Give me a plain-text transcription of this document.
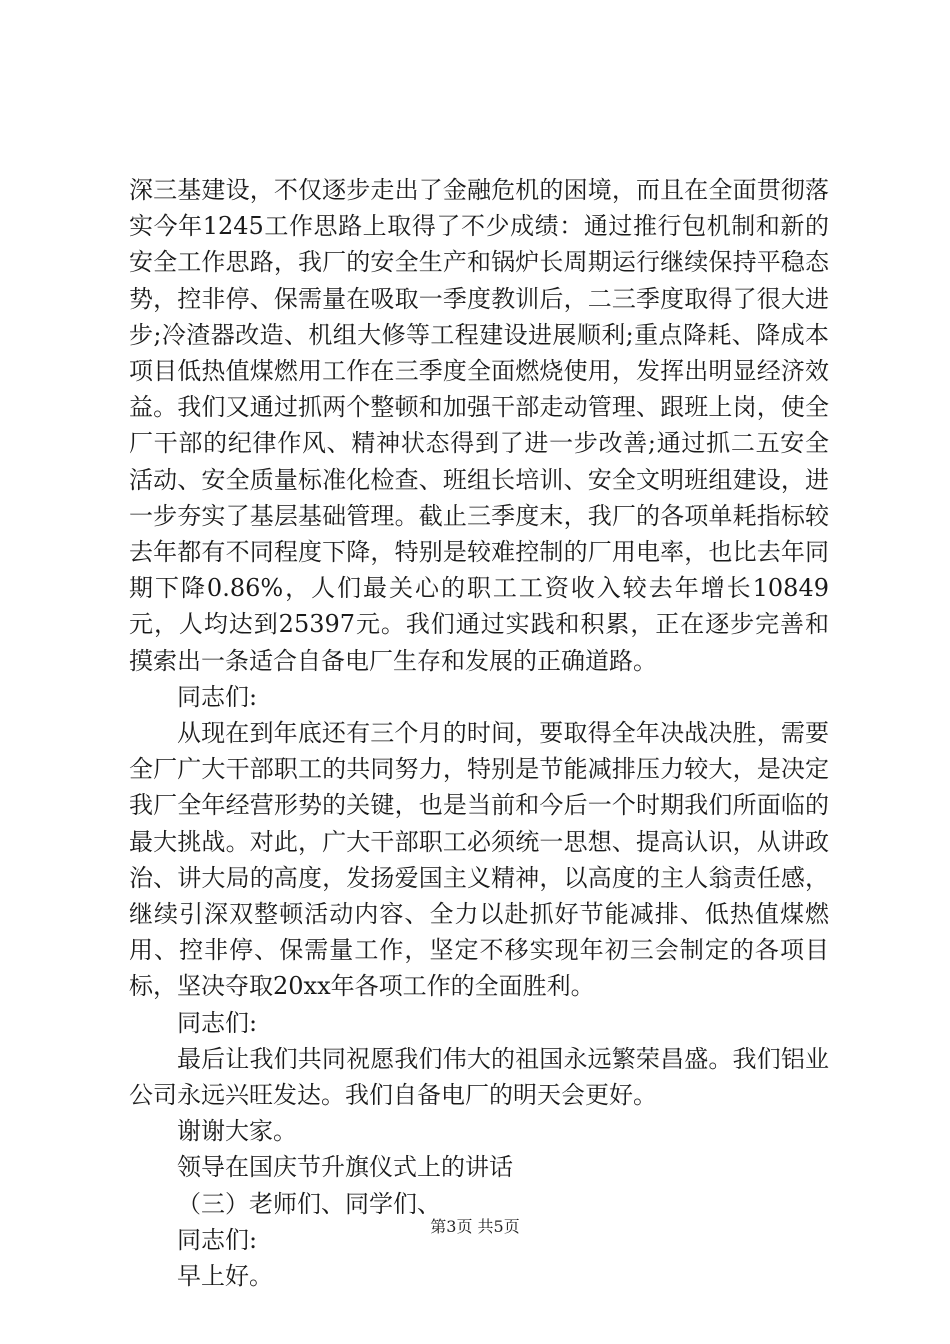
深三基建设，不仅逐步走出了金融危机的困境，而且在全面贯彻落实今年1245工作思路上取得了不少成绩：通过推行包机制和新的安全工作思路，我厂的安全生产和锅炉长周期运行继续保持平稳态势，控非停、保需量在吸取一季度教训后，二三季度取得了很大进步;冷渣器改造、机组大修等工程建设进展顺利;重点降耗、降成本项目低热值煤燃用工作在三季度全面燃烧使用，发挥出明显经济效益。我们又通过抓两个整顿和加强干部走动管理、跟班上岗，使全厂干部的纪律作风、精神状态得到了进一步改善;通过抓二五安全活动、安全质量标准化检查、班组长培训、安全文明班组建设，进一步夯实了基层基础管理。截止三季度末，我厂的各项单耗指标较去年都有不同程度下降，特别是较难控制的厂用电率，也比去年同期下降0.86%，人们最关心的职工工资收入较去年增长10849元，人均达到25397元。我们通过实践和积累，正在逐步完善和摸索出一条适合自备电厂生存和发展的正确道路。

同志们:

从现在到年底还有三个月的时间，要取得全年决战决胜，需要全厂广大干部职工的共同努力，特别是节能减排压力较大，是决定我厂全年经营形势的关键，也是当前和今后一个时期我们所面临的最大挑战。对此，广大干部职工必须统一思想、提高认识，从讲政治、讲大局的高度，发扬爱国主义精神，以高度的主人翁责任感，继续引深双整顿活动内容、全力以赴抓好节能减排、低热值煤燃用、控非停、保需量工作，坚定不移实现年初三会制定的各项目标，坚决夺取20xx年各项工作的全面胜利。

同志们:

最后让我们共同祝愿我们伟大的祖国永远繁荣昌盛。我们铝业公司永远兴旺发达。我们自备电厂的明天会更好。

谢谢大家。

领导在国庆节升旗仪式上的讲话

（三）老师们、同学们、

同志们:

早上好。

第3页 共5页
